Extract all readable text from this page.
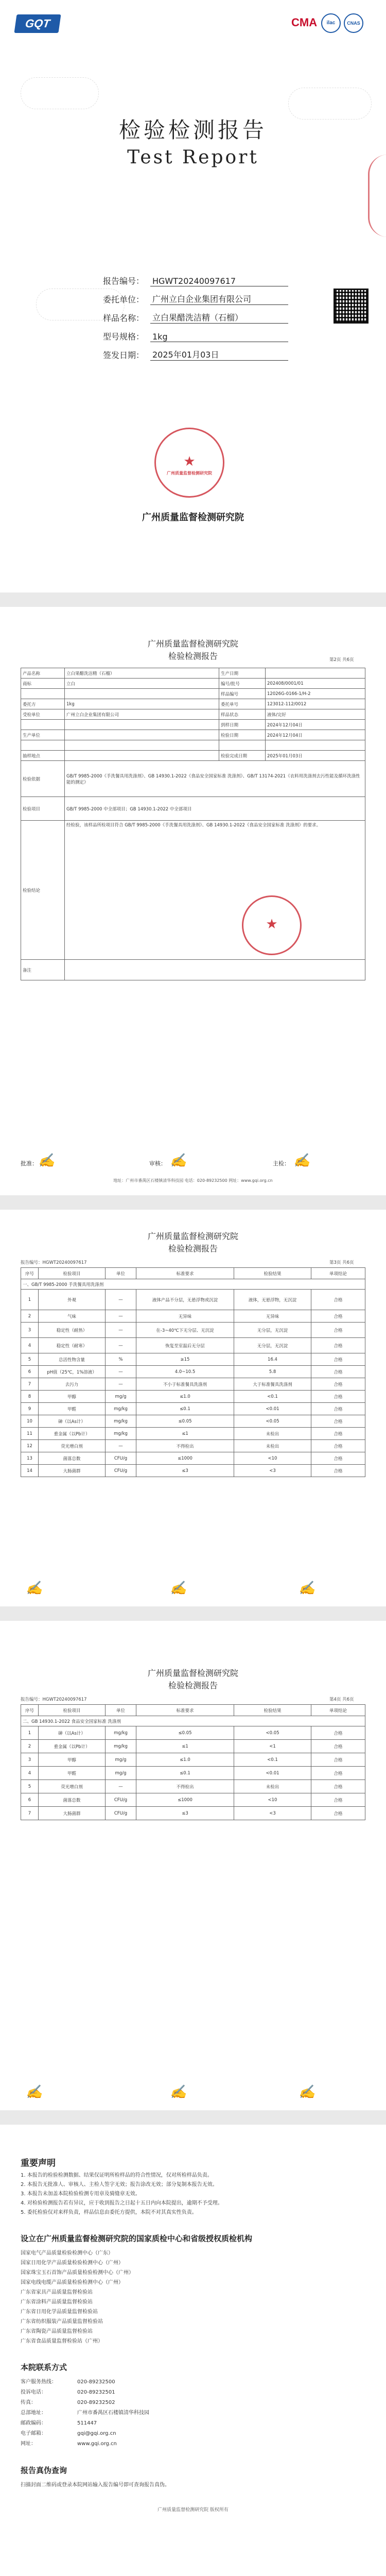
GQT	CMA	ilac	CNAS
检验检测报告
Test Report
报告编号： HGWT20240097617
委托单位： 广州立白企业集团有限公司
样品名称： 立白果醋洗洁精（石榴）
型号规格： 1kg
签发日期： 2025年01月03日
★
广州质量监督检测研究院
广州质量监督检测研究院
广州质量监督检测研究院
检验检测报告	第2页 共6页
产品名称	立白果醋洗洁精（石榴）	生产日期	
商标	立白	编号/批号	202408/0001/01
		样品编号	12026G-0166-1/H-2
委托方	1kg	委托单号	123012-112/0012
受检单位	广州立白企业集团有限公司	样品状态	液体/完好
		到样日期	2024年12月04日
生产单位		检验日期	2024年12月04日

抽样地点		检验完成日期	2025年01月03日
检验依据	GB/T 9985-2000《手洗餐具用洗涤剂》、GB 14930.1-2022《食品安全国家标准 洗涤剂》、GB/T 13174-2021《衣料用洗涤剂去污性能及循环洗涤性能的测定》		
检验项目	GB/T 9985-2000 中全部项目；GB 14930.1-2022 中全部项目		
检验结论	经检验，该样品所检项目符合 GB/T 9985-2000《手洗餐具用洗涤剂》、GB 14930.1-2022《食品安全国家标准 洗涤剂》的要求。		
备注			
★
批准： ✍	审核： ✍	主检： ✍
地址：广州市番禺区石楼镇清华科技园 电话：020-89232500 网址：www.gqi.org.cn
广州质量监督检测研究院
检验检测报告
报告编号：HGWT20240097617	第3页 共6页
序号	检验项目	单位	标准要求	检验结果	单项结论
一、GB/T 9985-2000 手洗餐具用洗涤剂					
1	外观	—	液体产品不分层，无悬浮物或沉淀	液体，无悬浮物，无沉淀	合格
2	气味	—	无异味	无异味	合格
3	稳定性（耐热）	—	在-3~40℃下无分层、无沉淀	无分层，无沉淀	合格
4	稳定性（耐寒）	—	恢复至室温后无分层	无分层，无沉淀	合格
5	总活性物含量	%	≥15	16.4	合格
6	pH值（25℃，1%溶液）	—	4.0~10.5	5.8	合格
7	去污力	—	不小于标准餐具洗涤剂	大于标准餐具洗涤剂	合格
8	甲醇	mg/g	≤1.0	<0.1	合格
9	甲醛	mg/kg	≤0.1	<0.01	合格
10	砷（以As计）	mg/kg	≤0.05	<0.05	合格
11	重金属（以Pb计）	mg/kg	≤1	未检出	合格
12	荧光增白剂	—	不得检出	未检出	合格
13	菌落总数	CFU/g	≤1000	<10	合格
14	大肠菌群	CFU/g	≤3	<3	合格
✍	✍	✍
广州质量监督检测研究院
检验检测报告
报告编号：HGWT20240097617	第4页 共6页
序号	检验项目	单位	标准要求	检验结果	单项结论
二、GB 14930.1-2022 食品安全国家标准 洗涤剂					
1	砷（以As计）	mg/kg	≤0.05	<0.05	合格
2	重金属（以Pb计）	mg/kg	≤1	<1	合格
3	甲醇	mg/g	≤1.0	<0.1	合格
4	甲醛	mg/g	≤0.1	<0.01	合格
5	荧光增白剂	—	不得检出	未检出	合格
6	菌落总数	CFU/g	≤1000	<10	合格
7	大肠菌群	CFU/g	≤3	<3	合格
✍	✍	✍
重要声明
1. 本报告的检验检测数据、结果仅证明所检样品的符合性情况，仅对所检样品负责。
2. 本报告无批准人、审核人、主检人签字无效；报告涂改无效；部分复制本报告无效。
3. 本报告未加盖本院检验检测专用章及骑缝章无效。
4. 对检验检测报告若有异议，应于收到报告之日起十五日内向本院提出，逾期不予受理。
5. 委托检验仅对来样负责，样品信息由委托方提供，本院不对其真实性负责。
设立在广州质量监督检测研究院的国家质检中心和省级授权质检机构
国家电气产品质量检验检测中心（广东）
国家日用化学产品质量检验检测中心（广州）
国家珠宝玉石首饰产品质量检验检测中心（广州）
国家电线电缆产品质量检验检测中心（广州）
广东省家具产品质量监督检验站
广东省涂料产品质量监督检验站
广东省日用化学品质量监督检验站
广东省纺织服装产品质量监督检验站
广东省陶瓷产品质量监督检验站
广东省食品质量监督检验站（广州）
本院联系方式
客户服务热线：	020-89232500
投诉电话：	020-89232501
传真：	020-89232502
总部地址：	广州市番禺区石楼镇清华科技园
邮政编码：	511447
电子邮箱：	gqi@gqi.org.cn
网址：	www.gqi.org.cn
报告真伪查询
扫描封面二维码或登录本院网站输入报告编号即可查询报告真伪。
广州质量监督检测研究院 版权所有
